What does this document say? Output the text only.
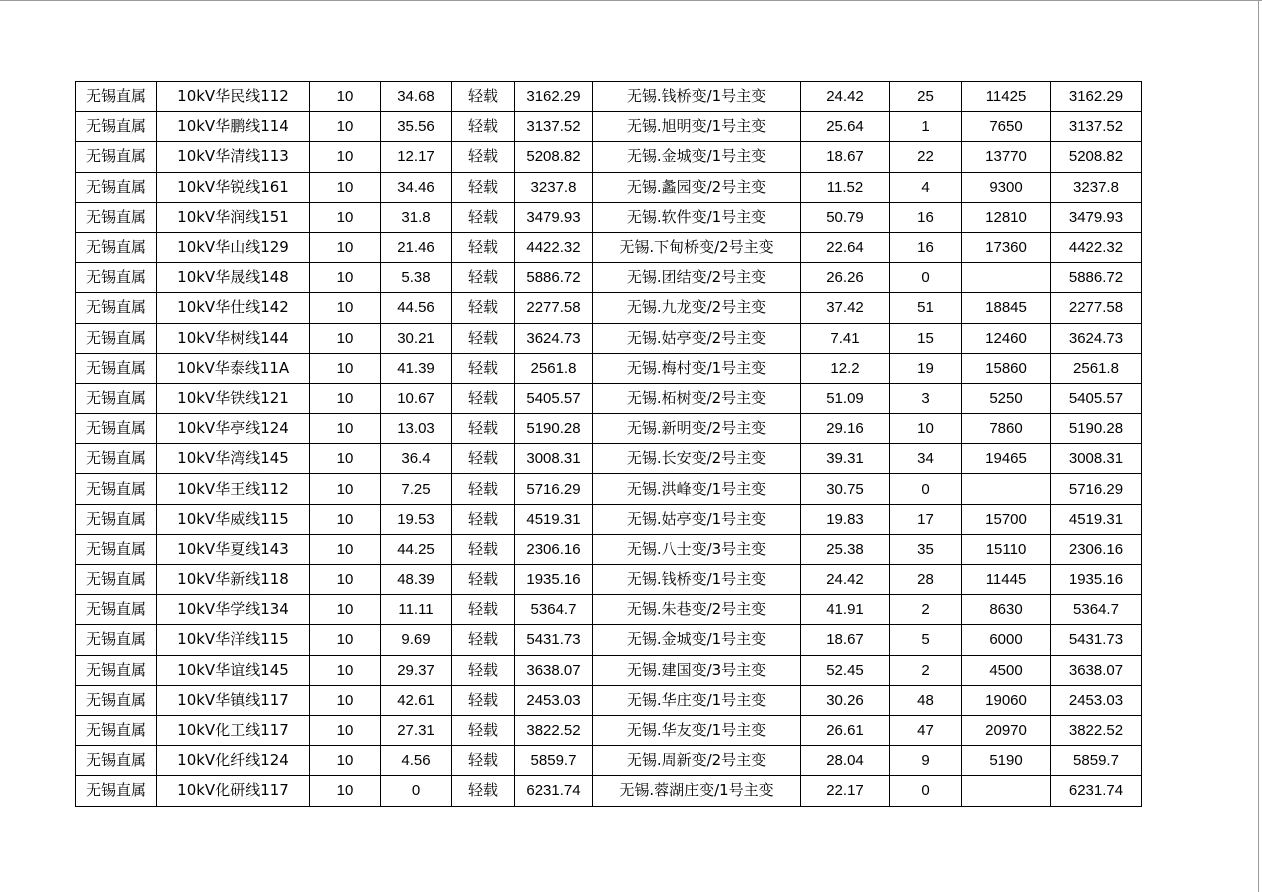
无锡直属	10kV华民线112	10	34.68	轻载	3162.29	无锡.钱桥变/1号主变	24.42	25	11425	3162.29
无锡直属	10kV华鹏线114	10	35.56	轻载	3137.52	无锡.旭明变/1号主变	25.64	1	7650	3137.52
无锡直属	10kV华清线113	10	12.17	轻载	5208.82	无锡.金城变/1号主变	18.67	22	13770	5208.82
无锡直属	10kV华锐线161	10	34.46	轻载	3237.8	无锡.蠡园变/2号主变	11.52	4	9300	3237.8
无锡直属	10kV华润线151	10	31.8	轻载	3479.93	无锡.软件变/1号主变	50.79	16	12810	3479.93
无锡直属	10kV华山线129	10	21.46	轻载	4422.32	无锡.下甸桥变/2号主变	22.64	16	17360	4422.32
无锡直属	10kV华晟线148	10	5.38	轻载	5886.72	无锡.团结变/2号主变	26.26	0		5886.72
无锡直属	10kV华仕线142	10	44.56	轻载	2277.58	无锡.九龙变/2号主变	37.42	51	18845	2277.58
无锡直属	10kV华树线144	10	30.21	轻载	3624.73	无锡.姑亭变/2号主变	7.41	15	12460	3624.73
无锡直属	10kV华泰线11A	10	41.39	轻载	2561.8	无锡.梅村变/1号主变	12.2	19	15860	2561.8
无锡直属	10kV华铁线121	10	10.67	轻载	5405.57	无锡.柘树变/2号主变	51.09	3	5250	5405.57
无锡直属	10kV华亭线124	10	13.03	轻载	5190.28	无锡.新明变/2号主变	29.16	10	7860	5190.28
无锡直属	10kV华湾线145	10	36.4	轻载	3008.31	无锡.长安变/2号主变	39.31	34	19465	3008.31
无锡直属	10kV华王线112	10	7.25	轻载	5716.29	无锡.洪峰变/1号主变	30.75	0		5716.29
无锡直属	10kV华威线115	10	19.53	轻载	4519.31	无锡.姑亭变/1号主变	19.83	17	15700	4519.31
无锡直属	10kV华夏线143	10	44.25	轻载	2306.16	无锡.八士变/3号主变	25.38	35	15110	2306.16
无锡直属	10kV华新线118	10	48.39	轻载	1935.16	无锡.钱桥变/1号主变	24.42	28	11445	1935.16
无锡直属	10kV华学线134	10	11.11	轻载	5364.7	无锡.朱巷变/2号主变	41.91	2	8630	5364.7
无锡直属	10kV华洋线115	10	9.69	轻载	5431.73	无锡.金城变/1号主变	18.67	5	6000	5431.73
无锡直属	10kV华谊线145	10	29.37	轻载	3638.07	无锡.建国变/3号主变	52.45	2	4500	3638.07
无锡直属	10kV华镇线117	10	42.61	轻载	2453.03	无锡.华庄变/1号主变	30.26	48	19060	2453.03
无锡直属	10kV化工线117	10	27.31	轻载	3822.52	无锡.华友变/1号主变	26.61	47	20970	3822.52
无锡直属	10kV化纤线124	10	4.56	轻载	5859.7	无锡.周新变/2号主变	28.04	9	5190	5859.7
无锡直属	10kV化研线117	10	0	轻载	6231.74	无锡.蓉湖庄变/1号主变	22.17	0		6231.74
